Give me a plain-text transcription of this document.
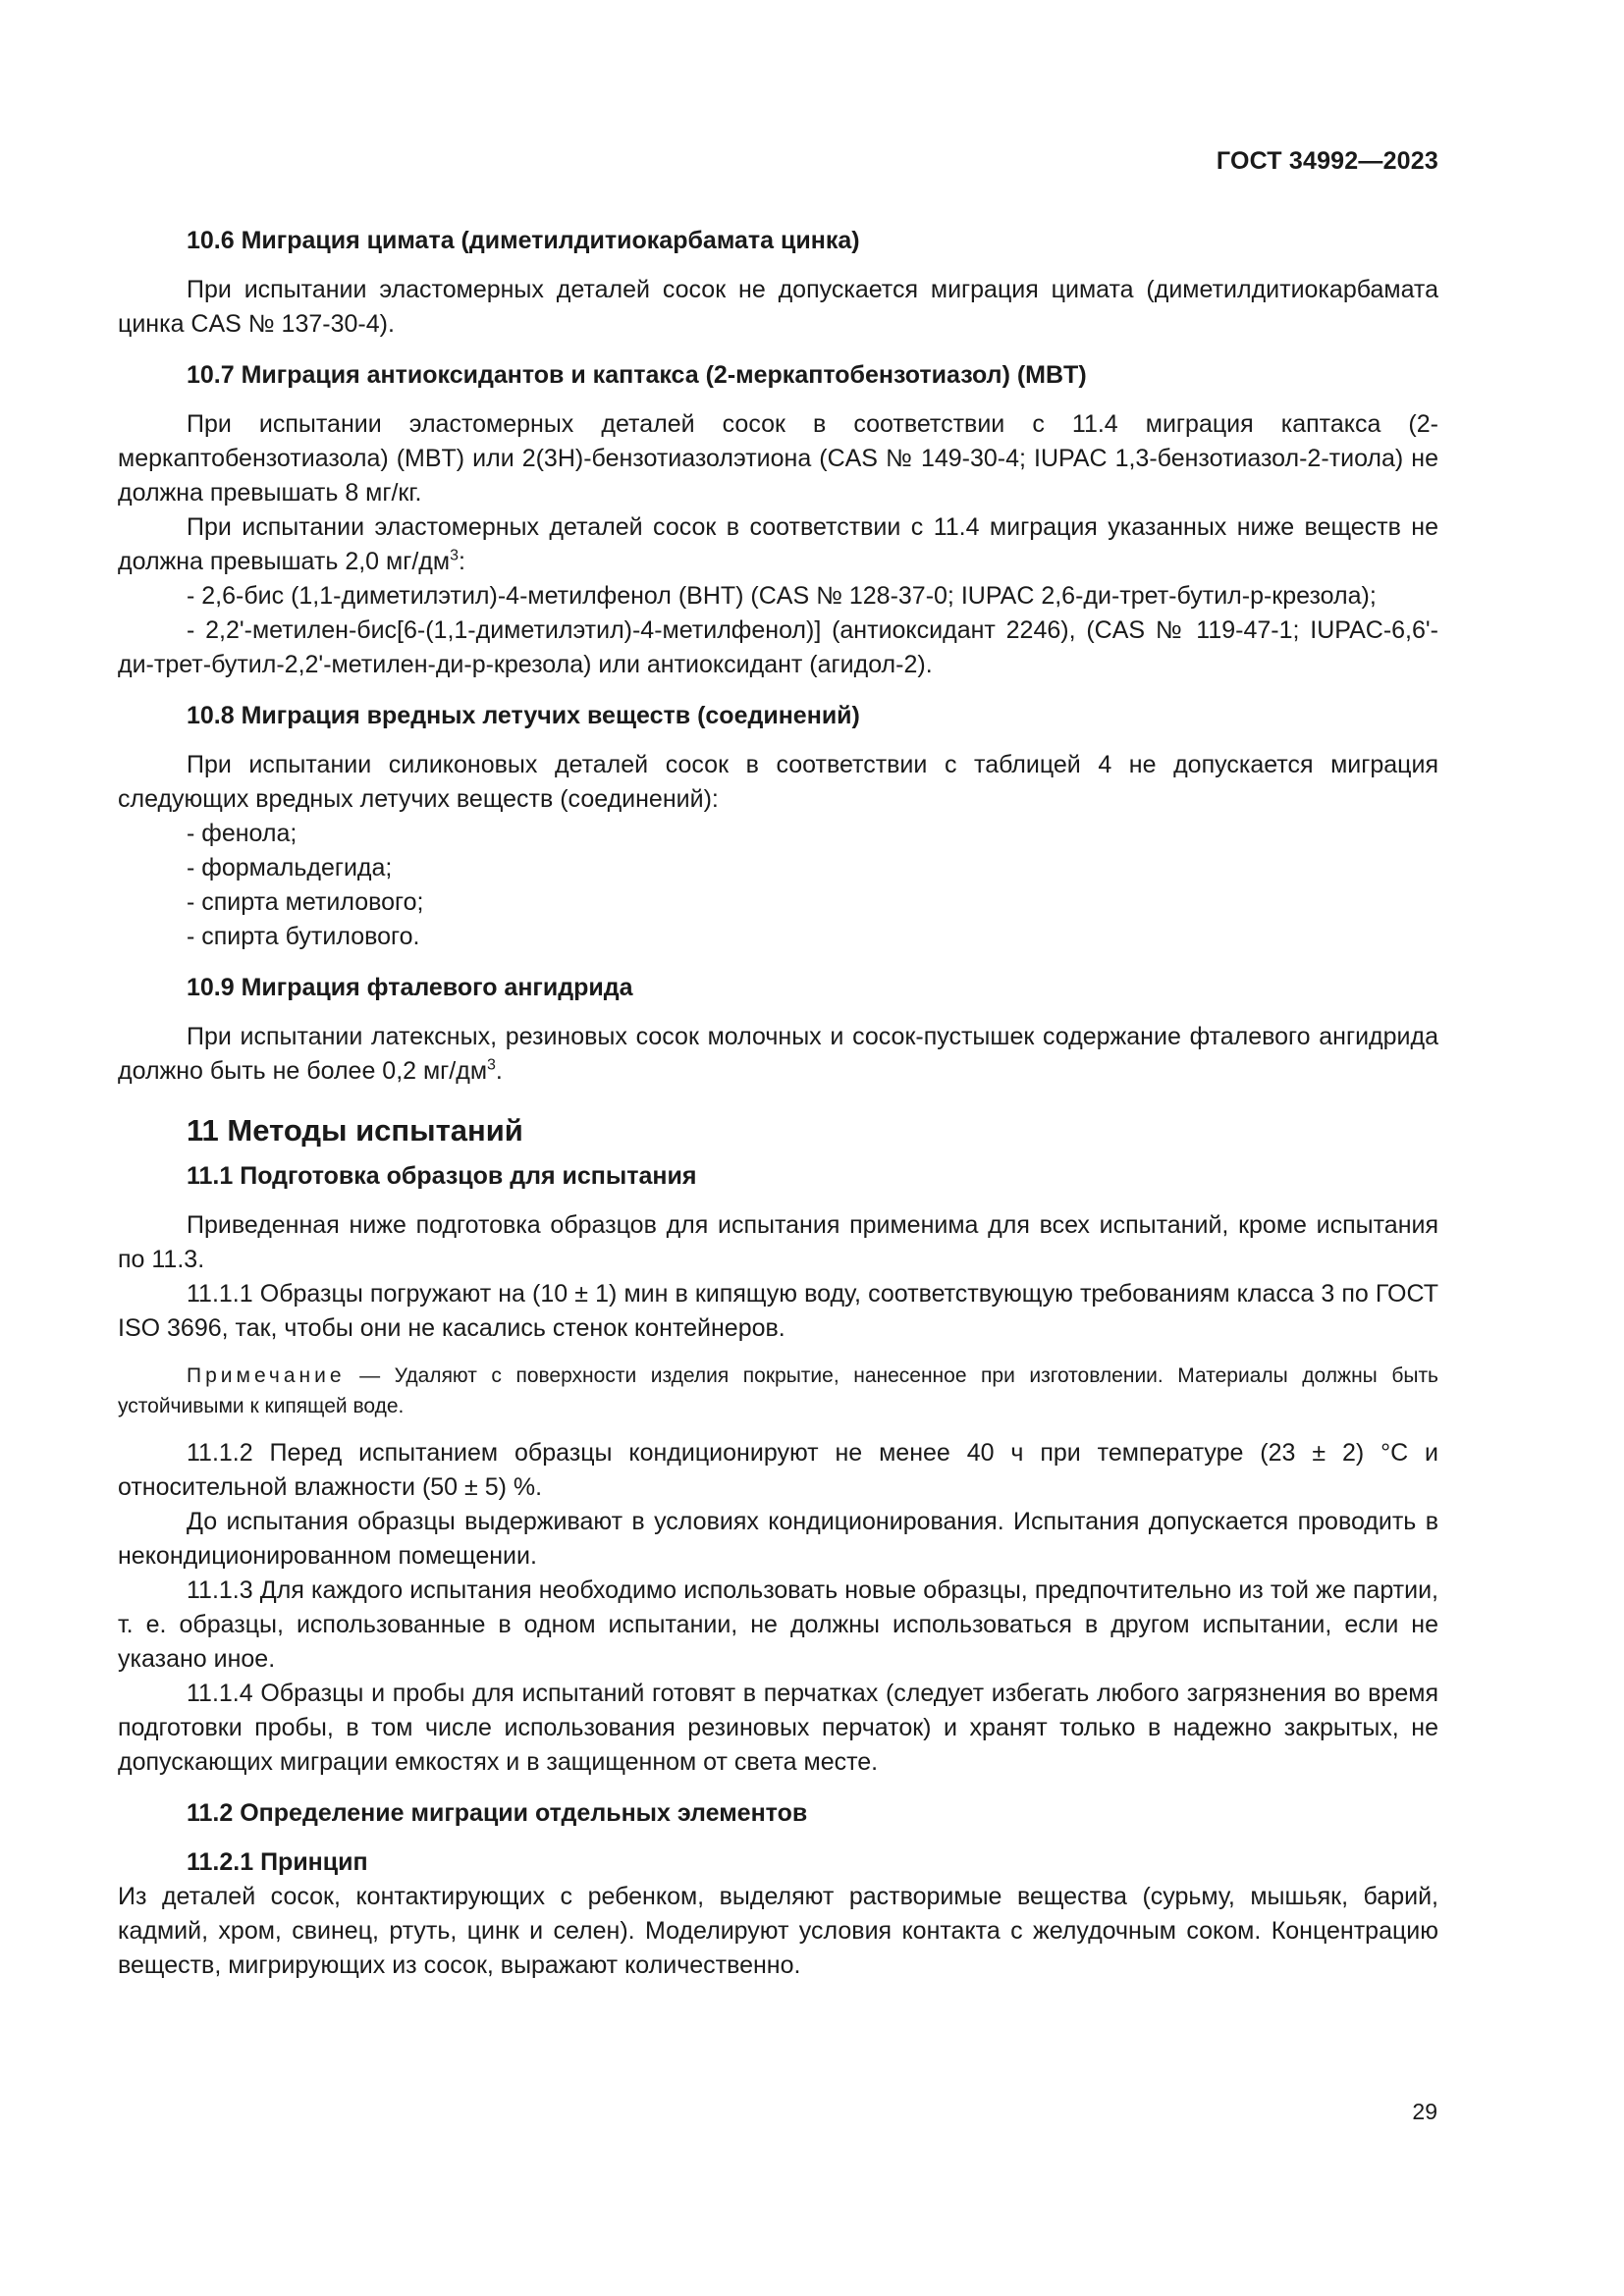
ГОСТ 34992—2023
10.6 Миграция цимата (диметилдитиокарбамата цинка)

При испытании эластомерных деталей сосок не допускается миграция цимата (диметилдитиокарбамата цинка CAS № 137-30-4).

10.7 Миграция антиоксидантов и каптакса (2-меркаптобензотиазол) (MBT)

При испытании эластомерных деталей сосок в соответствии с 11.4 миграция каптакса (2-меркаптобензотиазола) (MBT) или 2(3H)-бензотиазолэтиона (CAS № 149-30-4; IUPAC 1,3-бензотиазол-2-тиола) не должна превышать 8 мг/кг.

При испытании эластомерных деталей сосок в соответствии с 11.4 миграция указанных ниже веществ не должна превышать 2,0 $мг/дм^3$:

- 2,6-бис (1,1-диметилэтил)-4-метилфенол (BHT) (CAS № 128-37-0; IUPAC 2,6-ди-трет-бутил-р-крезола);

- 2,2'-метилен-бис[6-(1,1-диметилэтил)-4-метилфенол)] (антиоксидант 2246), (CAS № 119-47-1; IUPAC-6,6'-ди-трет-бутил-2,2'-метилен-ди-р-крезола) или антиоксидант (агидол-2).

10.8 Миграция вредных летучих веществ (соединений)

При испытании силиконовых деталей сосок в соответствии с таблицей 4 не допускается миграция следующих вредных летучих веществ (соединений):

- фенола;
- формальдегида;
- спирта метилового;
- спирта бутилового.
10.9 Миграция фталевого ангидрида

При испытании латексных, резиновых сосок молочных и сосок-пустышек содержание фталевого ангидрида должно быть не более 0,2 $мг/дм^3$.

11 Методы испытаний
11.1 Подготовка образцов для испытания

Приведенная ниже подготовка образцов для испытания применима для всех испытаний, кроме испытания по 11.3.

11.1.1 Образцы погружают на (10 ± 1) мин в кипящую воду, соответствующую требованиям класса 3 по ГОСТ ISO 3696, так, чтобы они не касались стенок контейнеров.

Примечание — Удаляют с поверхности изделия покрытие, нанесенное при изготовлении. Материалы должны быть устойчивыми к кипящей воде.

11.1.2 Перед испытанием образцы кондиционируют не менее 40 ч при температуре (23 ± 2) °С и относительной влажности (50 ± 5) %.

До испытания образцы выдерживают в условиях кондиционирования. Испытания допускается проводить в некондиционированном помещении.

11.1.3 Для каждого испытания необходимо использовать новые образцы, предпочтительно из той же партии, т. е. образцы, использованные в одном испытании, не должны использоваться в другом испытании, если не указано иное.

11.1.4 Образцы и пробы для испытаний готовят в перчатках (следует избегать любого загрязнения во время подготовки пробы, в том числе использования резиновых перчаток) и хранят только в надежно закрытых, не допускающих миграции емкостях и в защищенном от света месте.

11.2 Определение миграции отдельных элементов
11.2.1 Принцип

Из деталей сосок, контактирующих с ребенком, выделяют растворимые вещества (сурьму, мышьяк, барий, кадмий, хром, свинец, ртуть, цинк и селен). Моделируют условия контакта с желудочным соком. Концентрацию веществ, мигрирующих из сосок, выражают количественно.

29
